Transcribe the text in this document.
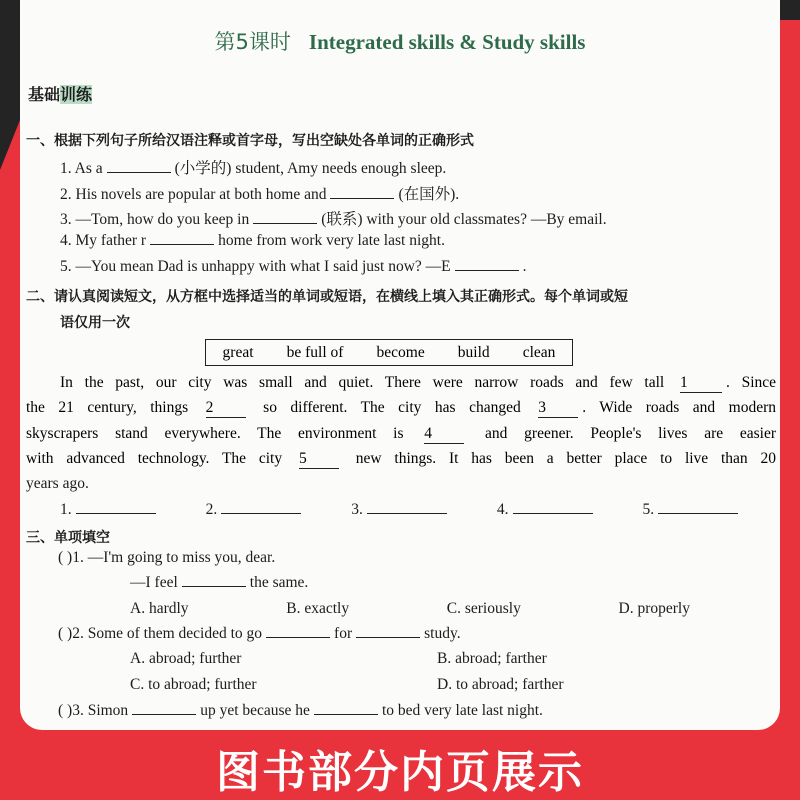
第5课时 Integrated skills & Study skills
基础训练
一、根据下列句子所给汉语注释或首字母，写出空缺处各单词的正确形式
1. As a	(小学的) student, Amy needs enough sleep.
2. His novels are popular at both home and	(在国外).
3. —Tom, how do you keep in	(联系) with your old classmates? —By email.
4. My father r	home from work very late last night.
5. —You mean Dad is unhappy with what I said just now? —E	.
二、请认真阅读短文，从方框中选择适当的单词或短语，在横线上填入其正确形式。每个单词或短
语仅用一次
great be full of become build clean
In the past, our city was small and quiet. There were narrow roads and few tall 1 . Since
the 21 century, things 2	so different. The city has changed 3 . Wide roads and modern
skyscrapers stand everywhere. The environment is 4	and greener. People's lives are easier
with advanced technology. The city 5	new things. It has been a better place to live than 20
years ago.
1.	2.	3.	4.	5.
三、单项填空
( )1. —I'm going to miss you, dear.
—I feel	the same.
A. hardly	B. exactly	C. seriously	D. properly
( )2. Some of them decided to go	for	study.
A. abroad; further	B. abroad; farther
C. to abroad; further	D. to abroad; farther
( )3. Simon	up yet because he	to bed very late last night.
图书部分内页展示
